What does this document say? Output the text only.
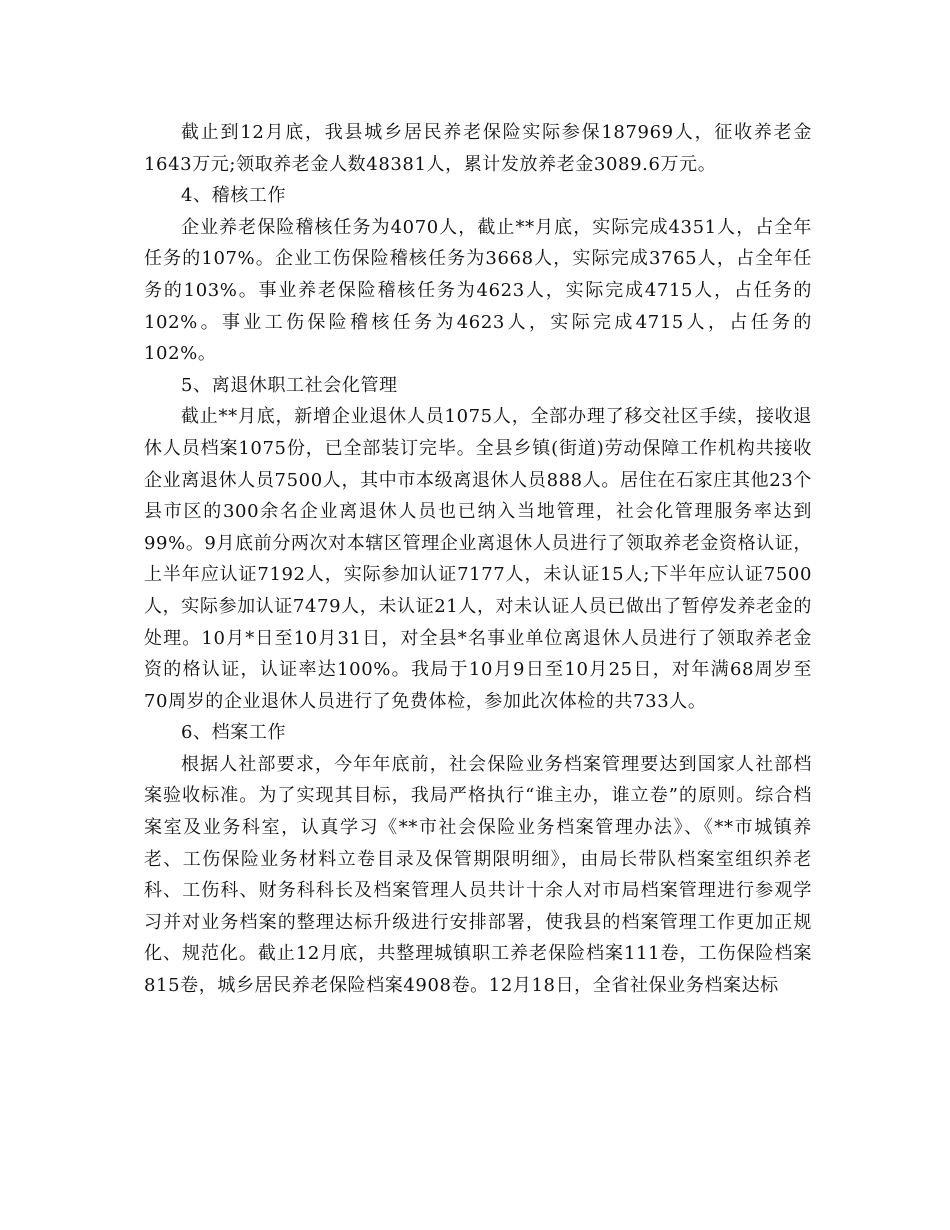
截止到12月底，我县城乡居民养老保险实际参保187969人，征收养老金1643万元;领取养老金人数48381人，累计发放养老金3089.6万元。

4、稽核工作

企业养老保险稽核任务为4070人，截止**月底，实际完成4351人，占全年任务的107%。企业工伤保险稽核任务为3668人，实际完成3765人，占全年任务的103%。事业养老保险稽核任务为4623人，实际完成4715人，占任务的102%。事业工伤保险稽核任务为4623人，实际完成4715人，占任务的102%。

5、离退休职工社会化管理

截止**月底，新增企业退休人员1075人，全部办理了移交社区手续，接收退休人员档案1075份，已全部装订完毕。全县乡镇(街道)劳动保障工作机构共接收企业离退休人员7500人，其中市本级离退休人员888人。居住在石家庄其他23个县市区的300余名企业离退休人员也已纳入当地管理，社会化管理服务率达到99%。9月底前分两次对本辖区管理企业离退休人员进行了领取养老金资格认证，上半年应认证7192人，实际参加认证7177人，未认证15人;下半年应认证7500人，实际参加认证7479人，未认证21人，对未认证人员已做出了暂停发养老金的处理。10月*日至10月31日，对全县*名事业单位离退休人员进行了领取养老金资的格认证，认证率达100%。我局于10月9日至10月25日，对年满68周岁至70周岁的企业退休人员进行了免费体检，参加此次体检的共733人。

6、档案工作

根据人社部要求，今年年底前，社会保险业务档案管理要达到国家人社部档案验收标准。为了实现其目标，我局严格执行“谁主办，谁立卷”的原则。综合档案室及业务科室，认真学习《**市社会保险业务档案管理办法》、《**市城镇养老、工伤保险业务材料立卷目录及保管期限明细》，由局长带队档案室组织养老科、工伤科、财务科科长及档案管理人员共计十余人对市局档案管理进行参观学习并对业务档案的整理达标升级进行安排部署，使我县的档案管理工作更加正规化、规范化。截止12月底，共整理城镇职工养老保险档案111卷，工伤保险档案815卷，城乡居民养老保险档案4908卷。12月18日，全省社保业务档案达标
